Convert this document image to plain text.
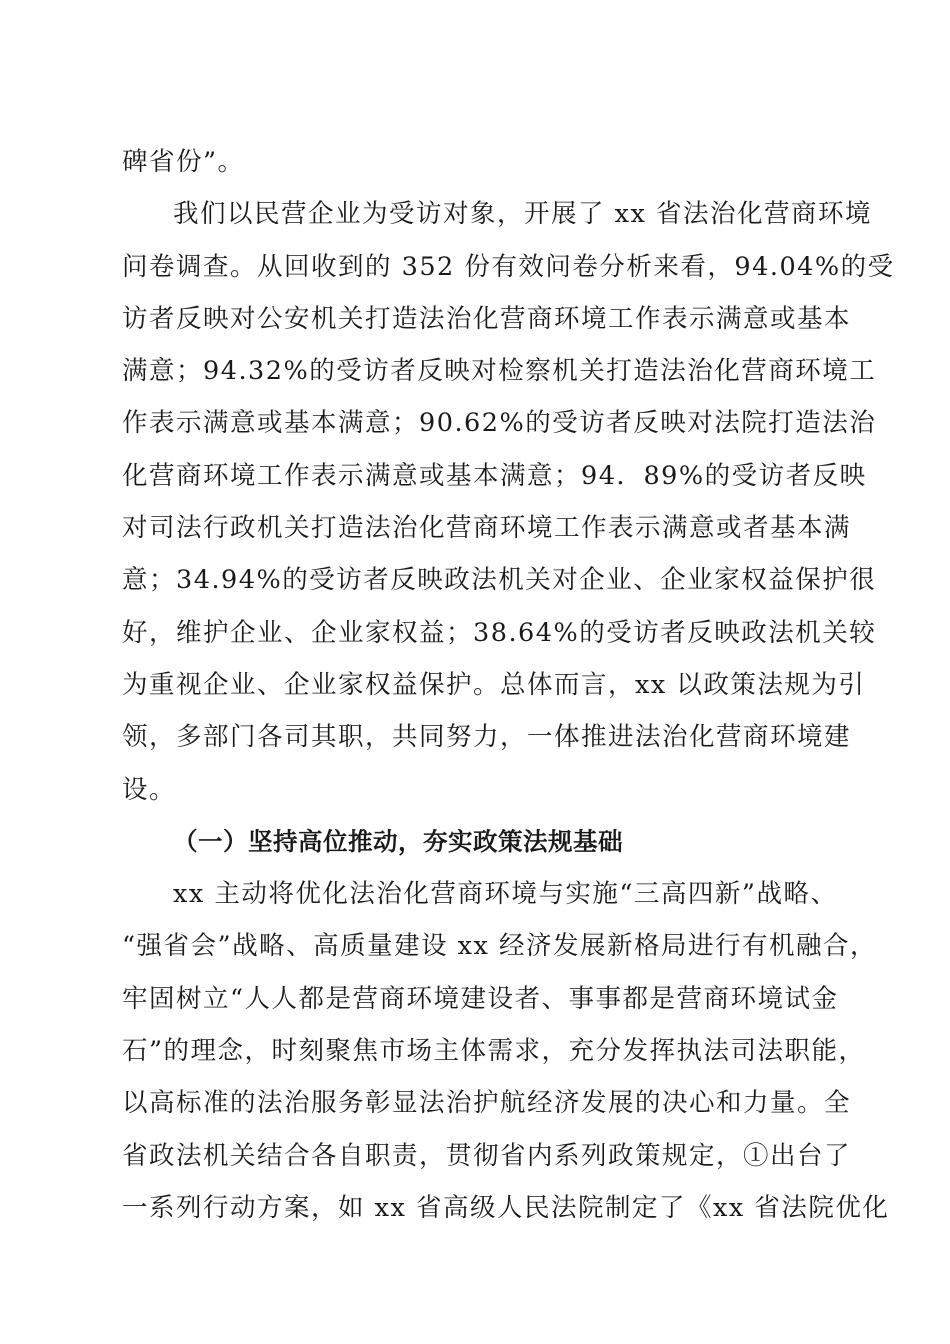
碑省份”。
我们以民营企业为受访对象，开展了 xx 省法治化营商环境
问卷调查。从回收到的 352 份有效问卷分析来看，94.04%的受
访者反映对公安机关打造法治化营商环境工作表示满意或基本
满意；94.32%的受访者反映对检察机关打造法治化营商环境工
作表示满意或基本满意；90.62%的受访者反映对法院打造法治
化营商环境工作表示满意或基本满意；94．89%的受访者反映
对司法行政机关打造法治化营商环境工作表示满意或者基本满
意；34.94%的受访者反映政法机关对企业、企业家权益保护很
好，维护企业、企业家权益；38.64%的受访者反映政法机关较
为重视企业、企业家权益保护。总体而言，xx 以政策法规为引
领，多部门各司其职，共同努力，一体推进法治化营商环境建
设。
（一）坚持高位推动，夯实政策法规基础
xx 主动将优化法治化营商环境与实施“三高四新”战略、
“强省会”战略、高质量建设 xx 经济发展新格局进行有机融合，
牢固树立“人人都是营商环境建设者、事事都是营商环境试金
石”的理念，时刻聚焦市场主体需求，充分发挥执法司法职能，
以高标准的法治服务彰显法治护航经济发展的决心和力量。全
省政法机关结合各自职责，贯彻省内系列政策规定，①出台了
一系列行动方案，如 xx 省高级人民法院制定了《xx 省法院优化
